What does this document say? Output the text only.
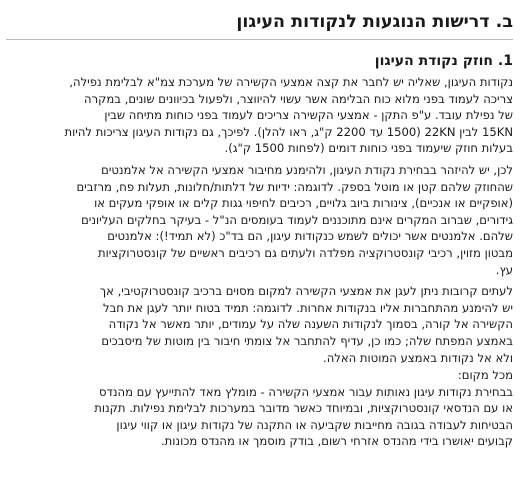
ב. דרישות הנוגעות לנקודות העיגון
1. חוזק נקודת העיגון
נקודות העיגון, שאליה יש לחבר את קצה אמצעי הקשירה של מערכת צמ"א לבלימת נפילה,
צריכה לעמוד בפני מלוא כוח הבלימה אשר עשוי להיווצר, ולפעול בכיוונים שונים, במקרה
של נפילת עובד. ע"פ התקן - אמצעי הקשירה צריכים לעמוד בפני כוחות מתיחה שבין
15KN לבין 22KN (1500 עד 2200 ק"ג, ראו להלן). לפיכך, גם נקודות העיגון צריכות להיות
בעלות חוזק שיעמוד בפני כוחות דומים (לפחות 1500 ק"ג).
לכן, יש להיזהר בבחירת נקודת העיגון, ולהימנע מחיבור אמצעי הקשירה אל אלמנטים
שהחוזק שלהם קטן או מוטל בספק. לדוגמה: ידיות של דלתות/חלונות, תעלות פח, מרזבים
(אופקיים או אנכיים), צינורות ביוב גלויים, רכיבים לחיפוי גגות קלים או אופקי מעקים או
גידורים, שברוב המקרים אינם מתוכננים לעמוד בעומסים הנ"ל - בעיקר בחלקים העליונים
שלהם. אלמנטים אשר יכולים לשמש כנקודות עיגון, הם בד"כ (לא תמיד!): אלמנטים
מבטון מזוין, רכיבי קונסטרוקציה מפלדה ולעתים גם רכיבים ראשיים של קונסטרוקציות
עץ.
לעתים קרובות ניתן לעגן את אמצעי הקשירה למקום מסוים ברכיב קונסטרוקטיבי, אך
יש להימנע מהתחברות אליו בנקודות אחרות. לדוגמה: תמיד בטוח יותר לעגן את חבל
הקשירה אל קורה, בסמוך לנקודות השענה שלה על עמודים, יותר מאשר אל נקודה
באמצע המפתח שלה; כמו כן, עדיף להתחבר אל צומתי חיבור בין מוטות של מיסבכים
ולא אל נקודות באמצע המוטות האלה.
מכל מקום:
בבחירת נקודות עיגון נאותות עבור אמצעי הקשירה - מומלץ מאד להתייעץ עם מהנדס
או עם הנדסאי קונסטרוקציות, ובמיוחד כאשר מדובר במערכות לבלימת נפילות. תקנות
הבטיחות לעבודה בגובה מחייבות שקביעה או התקנה של נקודות עיגון או קווי עיגון
קבועים יאושרו בידי מהנדס אזרחי רשום, בודק מוסמך או מהנדס מכונות.
